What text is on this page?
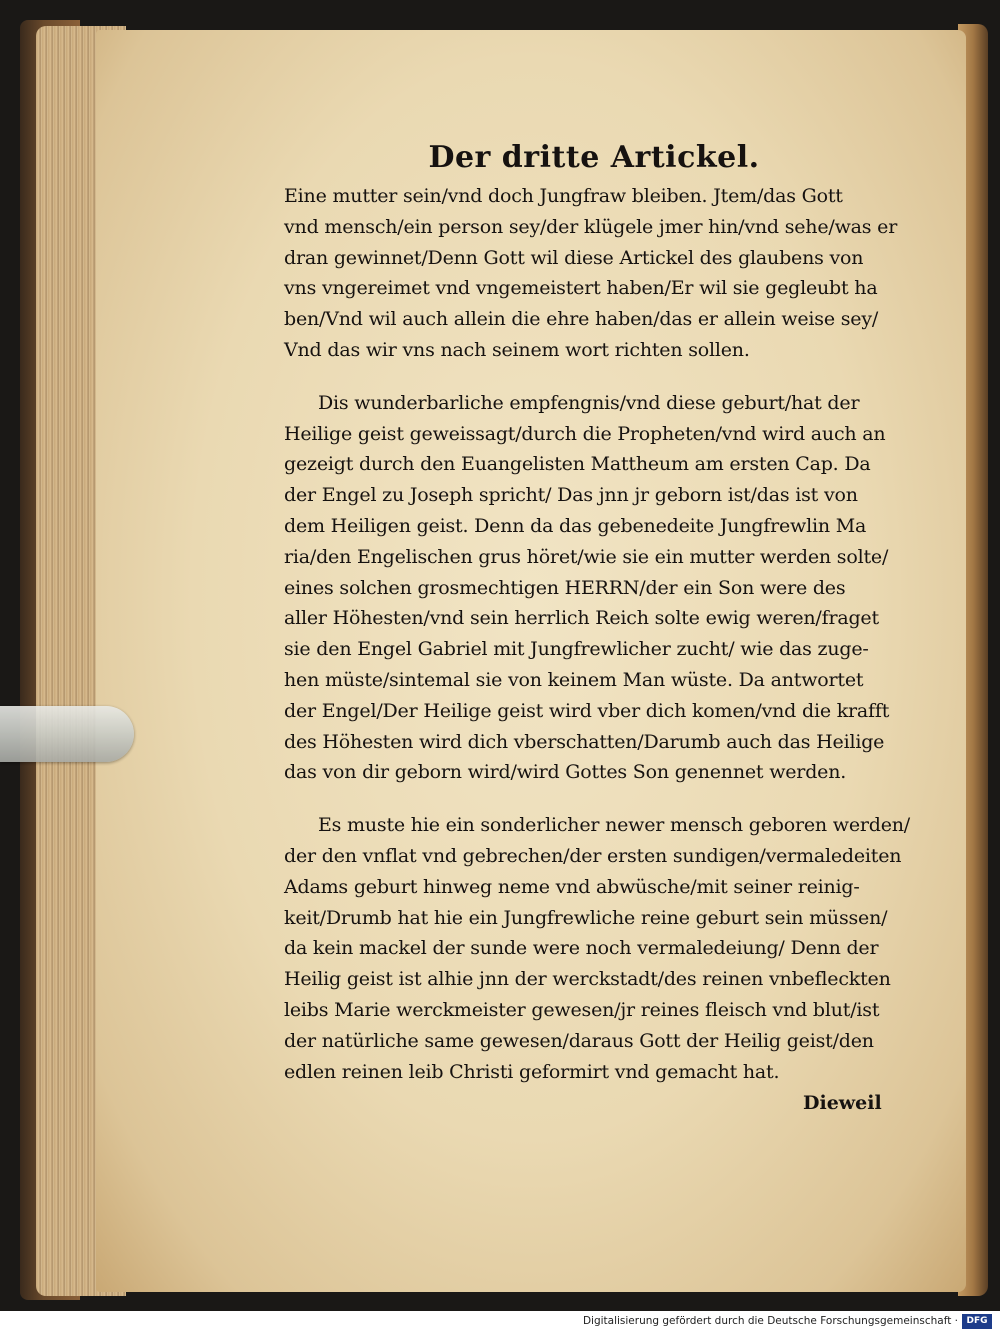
Der dritte Artickel.
Eine mutter sein/vnd doch Jungfraw bleiben. Jtem/das Gott
vnd mensch/ein person sey/der klügele jmer hin/vnd sehe/was er
dran gewinnet/Denn Gott wil diese Artickel des glaubens von
vns vngereimet vnd vngemeistert haben/Er wil sie gegleubt ha
ben/Vnd wil auch allein die ehre haben/das er allein weise sey/
Vnd das wir vns nach seinem wort richten sollen.
Dis wunderbarliche empfengnis/vnd diese geburt/hat der
Heilige geist geweissagt/durch die Propheten/vnd wird auch an
gezeigt durch den Euangelisten Mattheum am ersten Cap. Da
der Engel zu Joseph spricht/ Das jnn jr geborn ist/das ist von
dem Heiligen geist. Denn da das gebenedeite Jungfrewlin Ma
ria/den Engelischen grus höret/wie sie ein mutter werden solte/
eines solchen grosmechtigen HERRN/der ein Son were des
aller Höhesten/vnd sein herrlich Reich solte ewig weren/fraget
sie den Engel Gabriel mit Jungfrewlicher zucht/ wie das zuge-
hen müste/sintemal sie von keinem Man wüste. Da antwortet
der Engel/Der Heilige geist wird vber dich komen/vnd die krafft
des Höhesten wird dich vberschatten/Darumb auch das Heilige
das von dir geborn wird/wird Gottes Son genennet werden.
Es muste hie ein sonderlicher newer mensch geboren werden/
der den vnflat vnd gebrechen/der ersten sundigen/vermaledeiten
Adams geburt hinweg neme vnd abwüsche/mit seiner reinig-
keit/Drumb hat hie ein Jungfrewliche reine geburt sein müssen/
da kein mackel der sunde were noch vermaledeiung/ Denn der
Heilig geist ist alhie jnn der werckstadt/des reinen vnbefleckten
leibs Marie werckmeister gewesen/jr reines fleisch vnd blut/ist
der natürliche same gewesen/daraus Gott der Heilig geist/den
edlen reinen leib Christi geformirt vnd gemacht hat.
Dieweil
Digitalisierung gefördert durch die Deutsche Forschungsgemeinschaft · DFG
